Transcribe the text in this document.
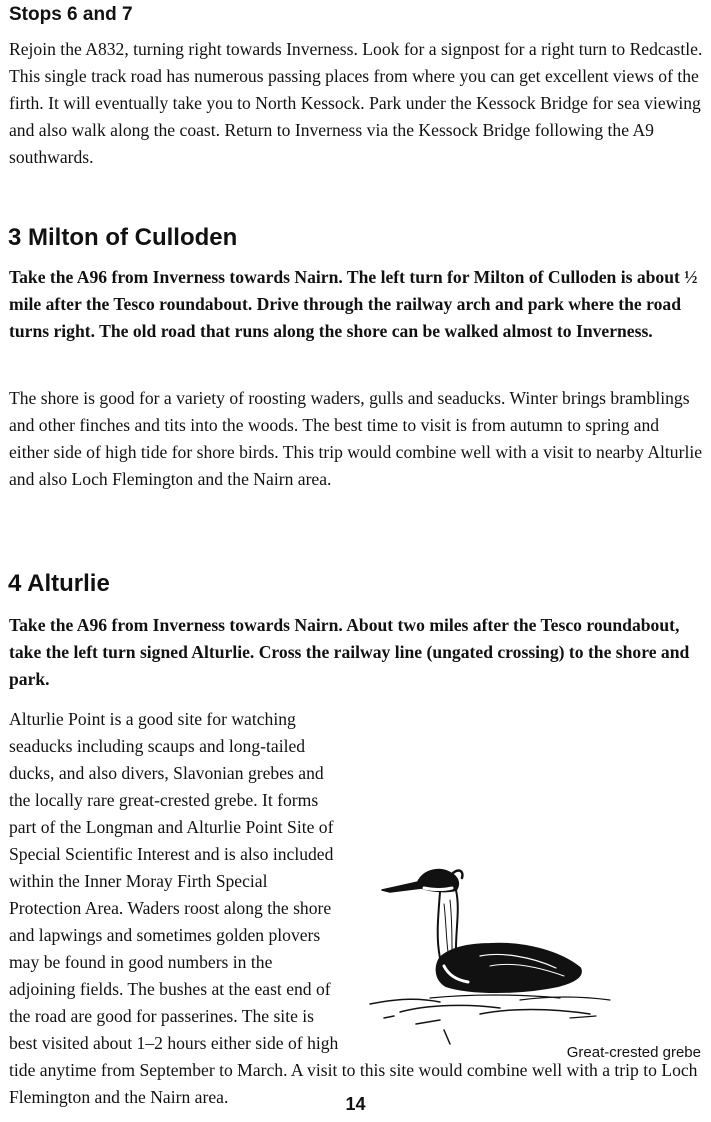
Stops 6 and 7

Rejoin the A832, turning right towards Inverness. Look for a signpost for a right turn to Redcastle. This single track road has numerous passing places from where you can get excellent views of the firth. It will eventually take you to North Kessock. Park under the Kessock Bridge for sea viewing and also walk along the coast. Return to Inverness via the Kessock Bridge following the A9 southwards.

3 Milton of Culloden

Take the A96 from Inverness towards Nairn. The left turn for Milton of Culloden is about ½ mile after the Tesco roundabout. Drive through the railway arch and park where the road turns right. The old road that runs along the shore can be walked almost to Inverness.

The shore is good for a variety of roosting waders, gulls and seaducks. Winter brings bramblings and other finches and tits into the woods. The best time to visit is from autumn to spring and either side of high tide for shore birds. This trip would combine well with a visit to nearby Alturlie and also Loch Flemington and the Nairn area.

4 Alturlie

Take the A96 from Inverness towards Nairn. About two miles after the Tesco roundabout, take the left turn signed Alturlie. Cross the railway line (ungated crossing) to the shore and park.

Alturlie Point is a good site for watching seaducks including scaups and long-tailed ducks, and also divers, Slavonian grebes and the locally rare great-crested grebe. It forms part of the Longman and Alturlie Point Site of Special Scientific Interest and is also included within the Inner Moray Firth Special Protection Area. Waders roost along the shore and lapwings and sometimes golden plovers may be found in good numbers in the adjoining fields. The bushes at the east end of the road are good for passerines. The site is best visited about 1–2 hours either side of high tide anytime from September to March. A visit to this site would combine well with a trip to Loch Flemington and the Nairn area.

Great-crested grebe
14
